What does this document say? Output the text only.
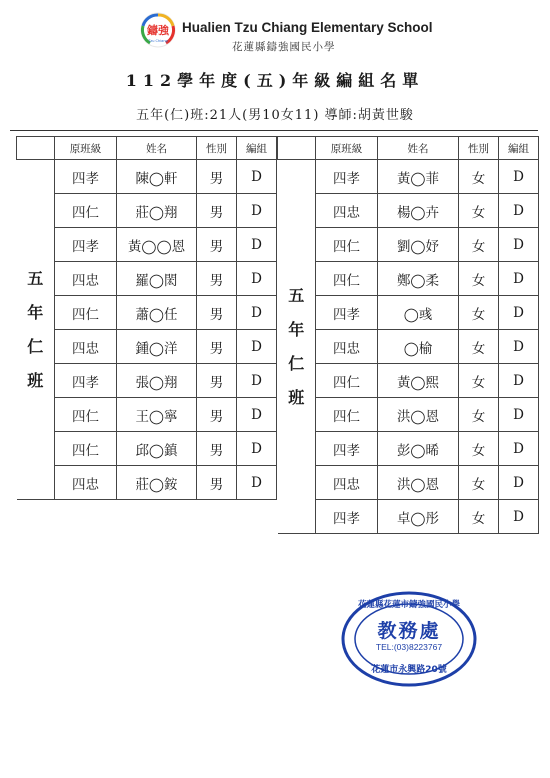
鑄強
Tzu Chiang
Hualien Tzu Chiang Elementary School
花蓮縣鑄強國民小學
112學年度(五)年級編組名單
五年(仁)班:21人(男10女11) 導師:胡黃世駿
	原班級	姓名	性別	編組
五年仁班	四孝	陳◯軒	男	D
	四仁	莊◯翔	男	D
	四孝	黃◯◯恩	男	D
	四忠	羅◯閎	男	D
	四仁	蕭◯任	男	D
	四忠	鍾◯洋	男	D
	四孝	張◯翔	男	D
	四仁	王◯寧	男	D
	四仁	邱◯鎮	男	D
	四忠	莊◯銨	男	D
	原班級	姓名	性別	編組
五年仁班	四孝	黃◯菲	女	D
	四忠	楊◯卉	女	D
	四仁	劉◯妤	女	D
	四仁	鄭◯柔	女	D
	四孝	◯彧	女	D
	四忠	◯榆	女	D
	四仁	黃◯熙	女	D
	四仁	洪◯恩	女	D
	四孝	彭◯晞	女	D
	四忠	洪◯恩	女	D
	四孝	卓◯彤	女	D
花蓮縣花蓮市鑄強國民小學
教務處
TEL:(03)8223767
花蓮市永興路20號
